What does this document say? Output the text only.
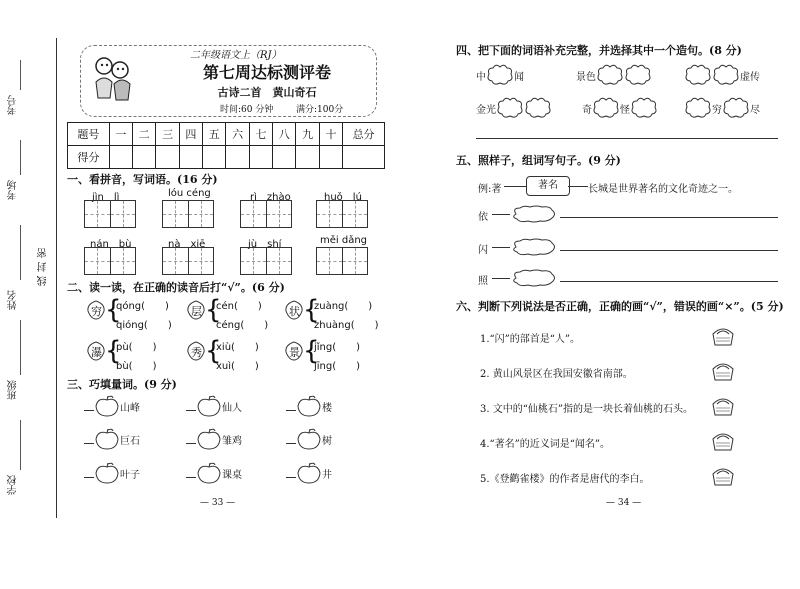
考号
考场
姓名
密
封
线
班级
学校
二年级语文上（RJ）
第七周达标测评卷
古诗二首　黄山奇石
时间:60 分钟	满分:100分
题号	一	二	三	四	五	六	七	八	九	十	总分
得分											
一、看拼音，写词语。(16 分)
jìn　lì	lóu céng	rì　zhào	huǒ　lú
nán　bù	nà　xiē	jù　shí	měi dǎng
二、读一读，在正确的读音后打“√”。(6 分)
穷 {
qóng(　　)
qióng(　　)
层 {
cén(　　)
céng(　　)
状 {
zuàng(　　)
zhuàng(　　)
瀑 {
pù(　　)
bù(　　)
秀 {
xiù(　　)
xuì(　　)
景 {
jǐng(　　)
jīng(　　)
三、巧填量词。(9 分)
山峰	仙人	楼
巨石	雏鸡	树
叶子	课桌	井
— 33 —
四、把下面的词语补充完整，并选择其中一个造句。(8 分)
中	闻	景色	虚传
金光	奇	怪	穷	尽
五、照样子，组词写句子。(9 分)
例:著	著名	长城是世界著名的文化奇迹之一。
依
闪
照
六、判断下列说法是否正确，正确的画“√”，错误的画“×”。(5 分)
1.“闪”的部首是“人”。
2. 黄山风景区在我国安徽省南部。
3. 文中的“仙桃石”指的是一块长着仙桃的石头。
4.“著名”的近义词是“闻名”。
5.《登鹳雀楼》的作者是唐代的李白。
— 34 —
